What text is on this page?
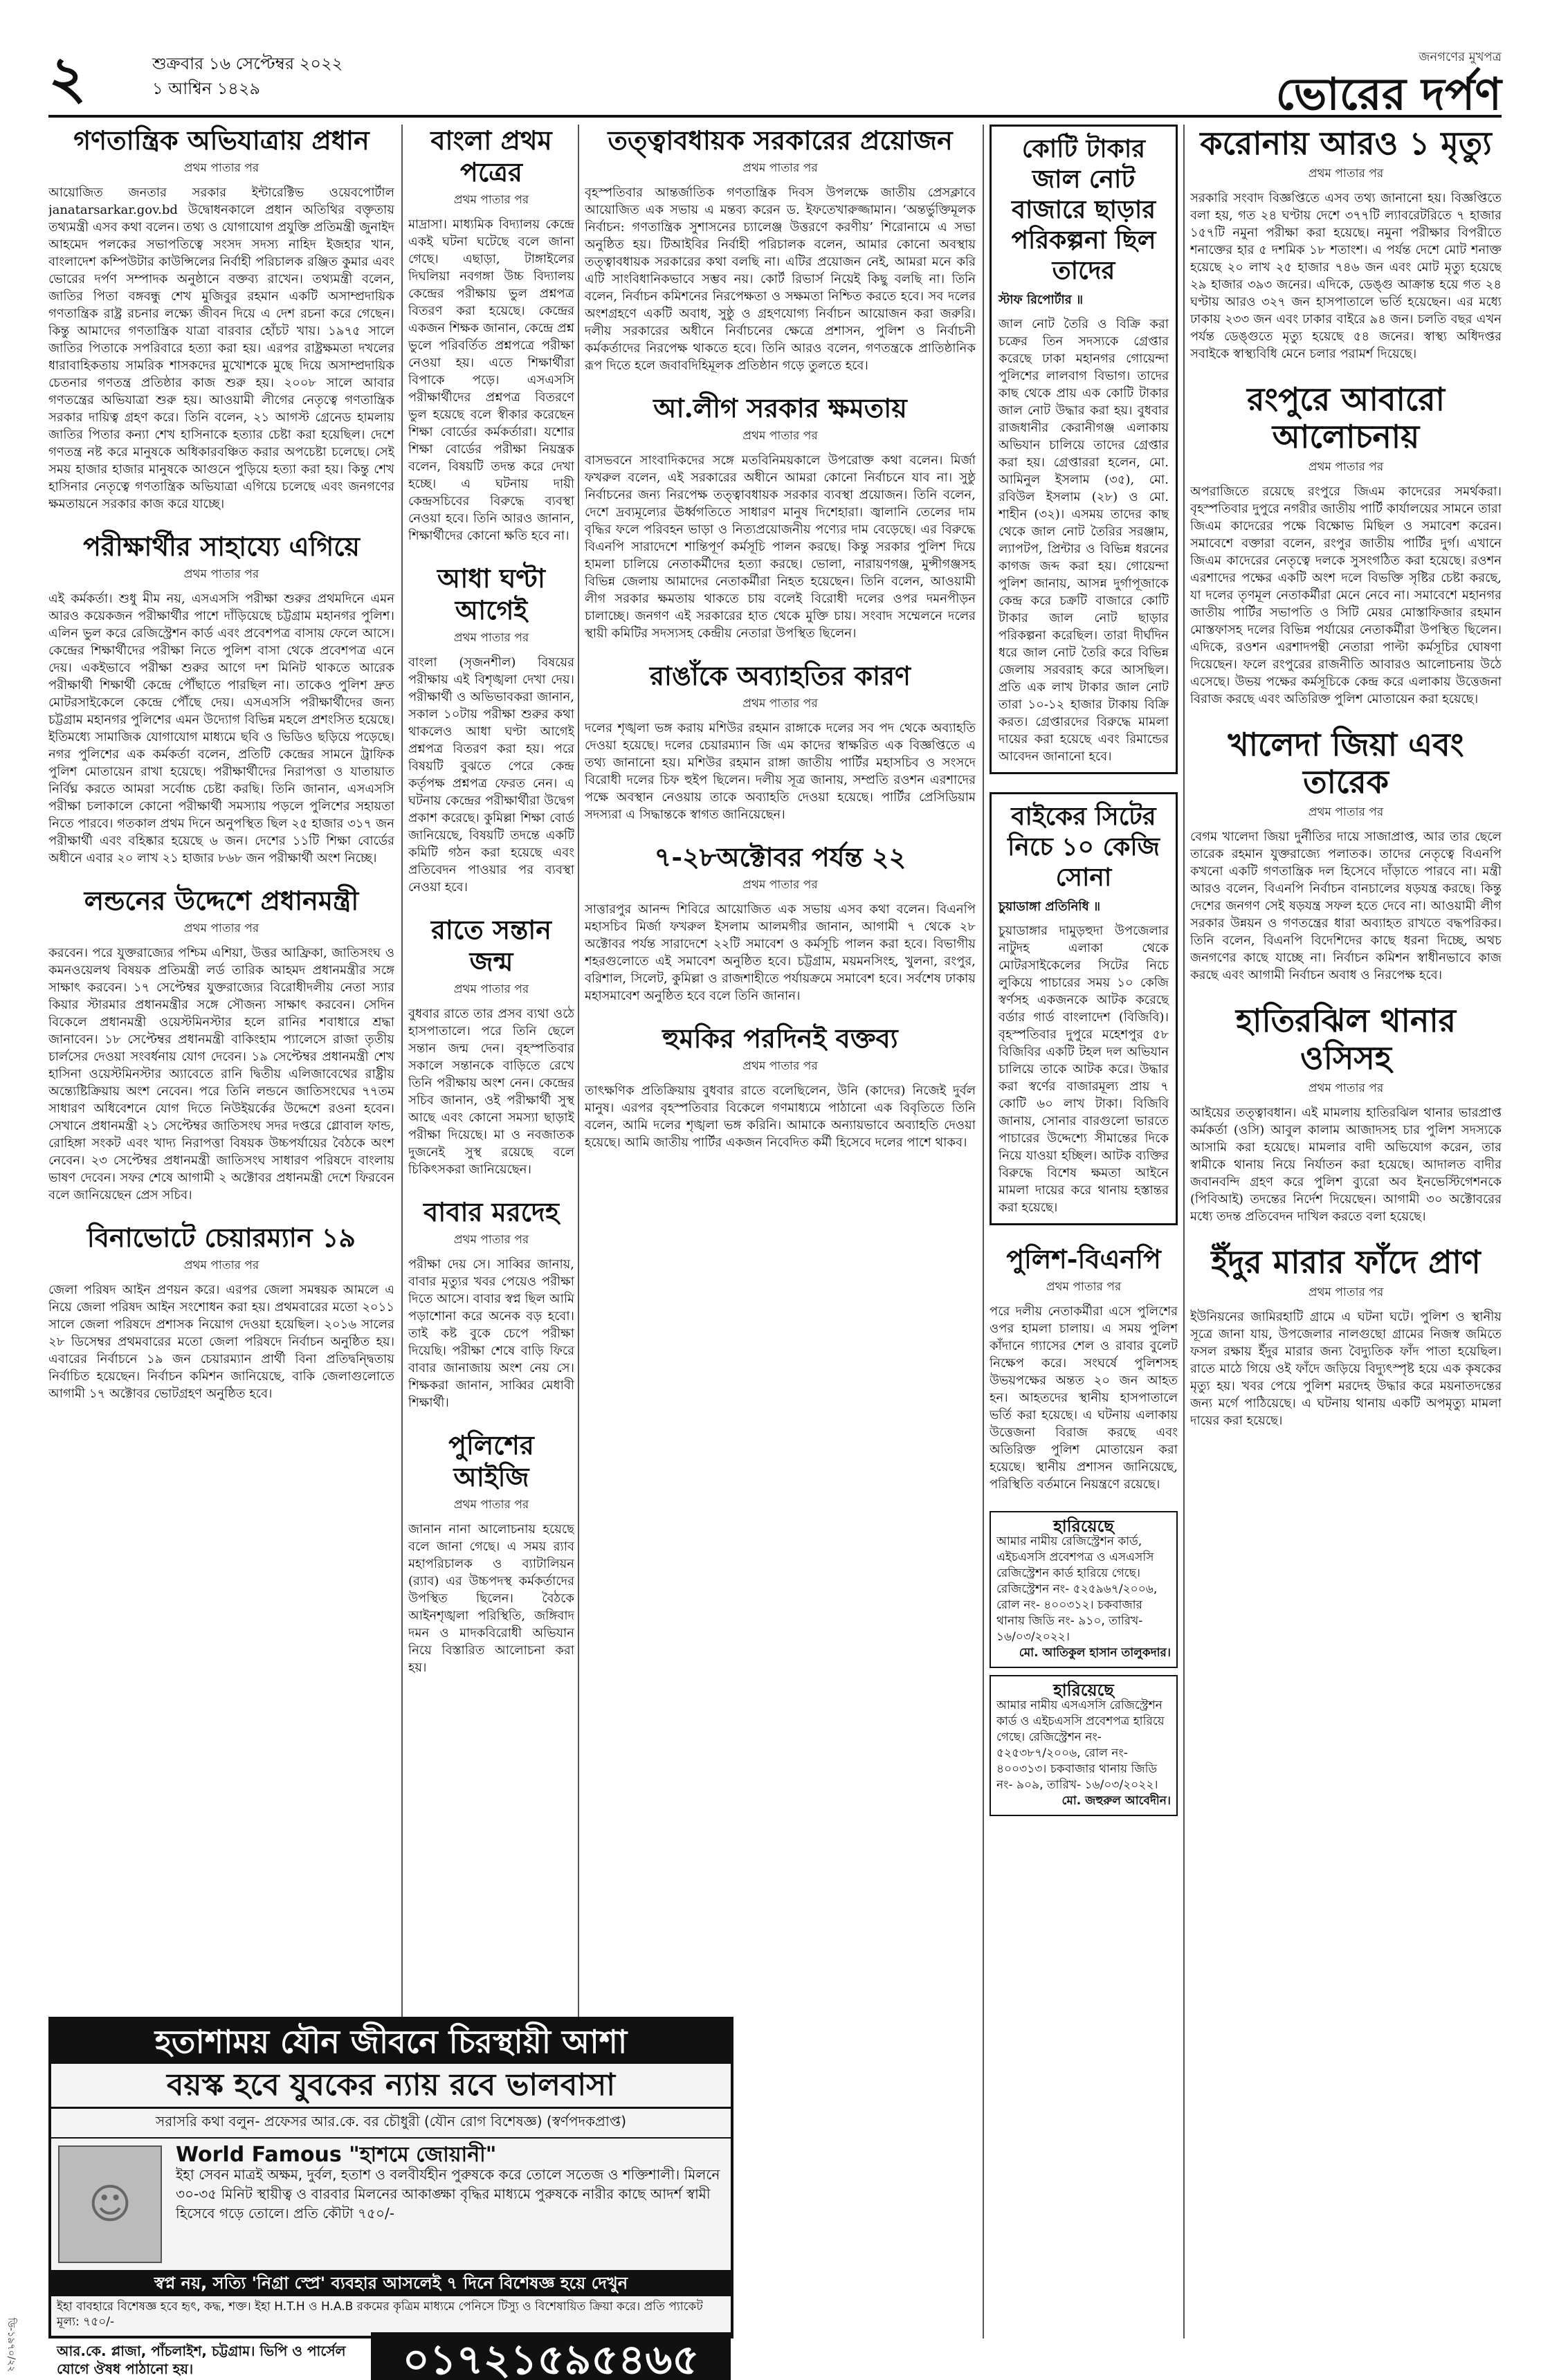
২	শুক্রবার ১৬ সেপ্টেম্বর ২০২২
১ আশ্বিন ১৪২৯
জনগণের মুখপত্র
ভোরের দর্পণ
গণতান্ত্রিক অভিযাত্রায় প্রধান
প্রথম পাতার পর
আয়োজিত জনতার সরকার ইন্টারেক্টিভ ওয়েবপোর্টাল janatarsarkar.gov.bd উদ্বোধনকালে প্রধান অতিথির বক্তৃতায় তথ্যমন্ত্রী এসব কথা বলেন। তথ্য ও যোগাযোগ প্রযুক্তি প্রতিমন্ত্রী জুনাইদ আহমেদ পলকের সভাপতিত্বে সংসদ সদস্য নাহিদ ইজহার খান, বাংলাদেশ কম্পিউটার কাউন্সিলের নির্বাহী পরিচালক রঞ্জিত কুমার এবং ভোরের দর্পণ সম্পাদক অনুষ্ঠানে বক্তব্য রাখেন। তথ্যমন্ত্রী বলেন, জাতির পিতা বঙ্গবন্ধু শেখ মুজিবুর রহমান একটি অসাম্প্রদায়িক গণতান্ত্রিক রাষ্ট্র রচনার লক্ষ্যে জীবন দিয়ে এ দেশ রচনা করে গেছেন। কিন্তু আমাদের গণতান্ত্রিক যাত্রা বারবার হোঁচট খায়। ১৯৭৫ সালে জাতির পিতাকে সপরিবারে হত্যা করা হয়। এরপর রাষ্ট্রক্ষমতা দখলের ধারাবাহিকতায় সামরিক শাসকদের মুখোশকে মুছে দিয়ে অসাম্প্রদায়িক চেতনার গণতন্ত্র প্রতিষ্ঠার কাজ শুরু হয়। ২০০৮ সালে আবার গণতন্ত্রের অভিযাত্রা শুরু হয়। আওয়ামী লীগের নেতৃত্বে গণতান্ত্রিক সরকার দায়িত্ব গ্রহণ করে। তিনি বলেন, ২১ আগস্ট গ্রেনেড হামলায় জাতির পিতার কন্যা শেখ হাসিনাকে হত্যার চেষ্টা করা হয়েছিল। দেশে গণতন্ত্র নষ্ট করে মানুষকে অধিকারবঞ্চিত করার অপচেষ্টা চলেছে। সেই সময় হাজার হাজার মানুষকে আগুনে পুড়িয়ে হত্যা করা হয়। কিন্তু শেখ হাসিনার নেতৃত্বে গণতান্ত্রিক অভিযাত্রা এগিয়ে চলেছে এবং জনগণের ক্ষমতায়নে সরকার কাজ করে যাচ্ছে।
পরীক্ষার্থীর সাহায্যে এগিয়ে
প্রথম পাতার পর
এই কর্মকর্তা। শুধু মীম নয়, এসএসসি পরীক্ষা শুরুর প্রথমদিনে এমন আরও কয়েকজন পরীক্ষার্থীর পাশে দাঁড়িয়েছে চট্টগ্রাম মহানগর পুলিশ। এলিন ভুল করে রেজিস্ট্রেশন কার্ড এবং প্রবেশপত্র বাসায় ফেলে আসে। কেন্দ্রের শিক্ষার্থীদের পরীক্ষা নিতে পুলিশ বাসা থেকে প্রবেশপত্র এনে দেয়। একইভাবে পরীক্ষা শুরুর আগে দশ মিনিট থাকতে আরেক পরীক্ষার্থী শিক্ষার্থী কেন্দ্রে পৌঁছাতে পারছিল না। তাকেও পুলিশ দ্রুত মোটরসাইকেলে কেন্দ্রে পৌঁছে দেয়। এসএসসি পরীক্ষার্থীদের জন্য চট্টগ্রাম মহানগর পুলিশের এমন উদ্যোগ বিভিন্ন মহলে প্রশংসিত হয়েছে। ইতিমধ্যে সামাজিক যোগাযোগ মাধ্যমে ছবি ও ভিডিও ছড়িয়ে পড়েছে। নগর পুলিশের এক কর্মকর্তা বলেন, প্রতিটি কেন্দ্রের সামনে ট্রাফিক পুলিশ মোতায়েন রাখা হয়েছে। পরীক্ষার্থীদের নিরাপত্তা ও যাতায়াত নির্বিঘ্ন করতে আমরা সর্বোচ্চ চেষ্টা করছি। তিনি জানান, এসএসসি পরীক্ষা চলাকালে কোনো পরীক্ষার্থী সমস্যায় পড়লে পুলিশের সহায়তা নিতে পারবে। গতকাল প্রথম দিনে অনুপস্থিত ছিল ২৫ হাজার ৩১৭ জন পরীক্ষার্থী এবং বহিষ্কার হয়েছে ৬ জন। দেশের ১১টি শিক্ষা বোর্ডের অধীনে এবার ২০ লাখ ২১ হাজার ৮৬৮ জন পরীক্ষার্থী অংশ নিচ্ছে।
লন্ডনের উদ্দেশে প্রধানমন্ত্রী
প্রথম পাতার পর
করবেন। পরে যুক্তরাজ্যের পশ্চিম এশিয়া, উত্তর আফ্রিকা, জাতিসংঘ ও কমনওয়েলথ বিষয়ক প্রতিমন্ত্রী লর্ড তারিক আহমদ প্রধানমন্ত্রীর সঙ্গে সাক্ষাৎ করবেন। ১৭ সেপ্টেম্বর যুক্তরাজ্যের বিরোধীদলীয় নেতা স্যার কিয়ার স্টারমার প্রধানমন্ত্রীর সঙ্গে সৌজন্য সাক্ষাৎ করবেন। সেদিন বিকেলে প্রধানমন্ত্রী ওয়েস্টমিনস্টার হলে রানির শবাধারে শ্রদ্ধা জানাবেন। ১৮ সেপ্টেম্বর প্রধানমন্ত্রী বাকিংহাম প্যালেসে রাজা তৃতীয় চার্লসের দেওয়া সংবর্ধনায় যোগ দেবেন। ১৯ সেপ্টেম্বর প্রধানমন্ত্রী শেখ হাসিনা ওয়েস্টমিনস্টার অ্যাবেতে রানি দ্বিতীয় এলিজাবেথের রাষ্ট্রীয় অন্ত্যেষ্টিক্রিয়ায় অংশ নেবেন। পরে তিনি লন্ডনে জাতিসংঘের ৭৭তম সাধারণ অধিবেশনে যোগ দিতে নিউইয়র্কের উদ্দেশে রওনা হবেন। সেখানে প্রধানমন্ত্রী ২১ সেপ্টেম্বর জাতিসংঘ সদর দপ্তরে গ্লোবাল ফান্ড, রোহিঙ্গা সংকট এবং খাদ্য নিরাপত্তা বিষয়ক উচ্চপর্যায়ের বৈঠকে অংশ নেবেন। ২৩ সেপ্টেম্বর প্রধানমন্ত্রী জাতিসংঘ সাধারণ পরিষদে বাংলায় ভাষণ দেবেন। সফর শেষে আগামী ২ অক্টোবর প্রধানমন্ত্রী দেশে ফিরবেন বলে জানিয়েছেন প্রেস সচিব।
বিনাভোটে চেয়ারম্যান ১৯
প্রথম পাতার পর
জেলা পরিষদ আইন প্রণয়ন করে। এরপর জেলা সমন্বয়ক আমলে এ নিয়ে জেলা পরিষদ আইন সংশোধন করা হয়। প্রথমবারের মতো ২০১১ সালে জেলা পরিষদে প্রশাসক নিয়োগ দেওয়া হয়েছিল। ২০১৬ সালের ২৮ ডিসেম্বর প্রথমবারের মতো জেলা পরিষদে নির্বাচন অনুষ্ঠিত হয়। এবারের নির্বাচনে ১৯ জন চেয়ারম্যান প্রার্থী বিনা প্রতিদ্বন্দ্বিতায় নির্বাচিত হয়েছেন। নির্বাচন কমিশন জানিয়েছে, বাকি জেলাগুলোতে আগামী ১৭ অক্টোবর ভোটগ্রহণ অনুষ্ঠিত হবে।
বাংলা প্রথম পত্রের
প্রথম পাতার পর
মাদ্রাসা। মাধ্যমিক বিদ্যালয় কেন্দ্রে একই ঘটনা ঘটেছে বলে জানা গেছে। এছাড়া, টাঙ্গাইলের দিঘলিয়া নবগঙ্গা উচ্চ বিদ্যালয় কেন্দ্রের পরীক্ষায় ভুল প্রশ্নপত্র বিতরণ করা হয়েছে। কেন্দ্রের একজন শিক্ষক জানান, কেন্দ্রে প্রশ্ন ভুলে পরিবর্তিত প্রশ্নপত্রে পরীক্ষা নেওয়া হয়। এতে শিক্ষার্থীরা বিপাকে পড়ে। এসএসসি পরীক্ষার্থীদের প্রশ্নপত্র বিতরণে ভুল হয়েছে বলে স্বীকার করেছেন শিক্ষা বোর্ডের কর্মকর্তারা। যশোর শিক্ষা বোর্ডের পরীক্ষা নিয়ন্ত্রক বলেন, বিষয়টি তদন্ত করে দেখা হচ্ছে। এ ঘটনায় দায়ী কেন্দ্রসচিবের বিরুদ্ধে ব্যবস্থা নেওয়া হবে। তিনি আরও জানান, শিক্ষার্থীদের কোনো ক্ষতি হবে না।
আধা ঘণ্টা আগেই
প্রথম পাতার পর
বাংলা (সৃজনশীল) বিষয়ের পরীক্ষায় এই বিশৃঙ্খলা দেখা দেয়। পরীক্ষার্থী ও অভিভাবকরা জানান, সকাল ১০টায় পরীক্ষা শুরুর কথা থাকলেও আধা ঘণ্টা আগেই প্রশ্নপত্র বিতরণ করা হয়। পরে বিষয়টি বুঝতে পেরে কেন্দ্র কর্তৃপক্ষ প্রশ্নপত্র ফেরত নেন। এ ঘটনায় কেন্দ্রের পরীক্ষার্থীরা উদ্বেগ প্রকাশ করেছে। কুমিল্লা শিক্ষা বোর্ড জানিয়েছে, বিষয়টি তদন্তে একটি কমিটি গঠন করা হয়েছে এবং প্রতিবেদন পাওয়ার পর ব্যবস্থা নেওয়া হবে।
রাতে সন্তান জন্ম
প্রথম পাতার পর
বুধবার রাতে তার প্রসব ব্যথা ওঠে হাসপাতালে। পরে তিনি ছেলে সন্তান জন্ম দেন। বৃহস্পতিবার সকালে সন্তানকে বাড়িতে রেখে তিনি পরীক্ষায় অংশ নেন। কেন্দ্রের সচিব জানান, ওই পরীক্ষার্থী সুস্থ আছে এবং কোনো সমস্যা ছাড়াই পরীক্ষা দিয়েছে। মা ও নবজাতক দুজনেই সুস্থ রয়েছে বলে চিকিৎসকরা জানিয়েছেন।
বাবার মরদেহ
প্রথম পাতার পর
পরীক্ষা দেয় সে। সাব্বির জানায়, বাবার মৃত্যুর খবর পেয়েও পরীক্ষা দিতে আসে। বাবার স্বপ্ন ছিল আমি পড়াশোনা করে অনেক বড় হবো। তাই কষ্ট বুকে চেপে পরীক্ষা দিয়েছি। পরীক্ষা শেষে বাড়ি ফিরে বাবার জানাজায় অংশ নেয় সে। শিক্ষকরা জানান, সাব্বির মেধাবী শিক্ষার্থী।
পুলিশের আইজি
প্রথম পাতার পর
জানান নানা আলোচনায় হয়েছে বলে জানা গেছে। এ সময় র‍্যাব মহাপরিচালক ও ব্যাটালিয়ন (র‍্যাব) এর উচ্চপদস্থ কর্মকর্তাদের উপস্থিত ছিলেন। বৈঠকে আইনশৃঙ্খলা পরিস্থিতি, জঙ্গিবাদ দমন ও মাদকবিরোধী অভিযান নিয়ে বিস্তারিত আলোচনা করা হয়।
তত্ত্বাবধায়ক সরকারের প্রয়োজন
প্রথম পাতার পর
বৃহস্পতিবার আন্তর্জাতিক গণতান্ত্রিক দিবস উপলক্ষে জাতীয় প্রেসক্লাবে আয়োজিত এক সভায় এ মন্তব্য করেন ড. ইফতেখারুজ্জামান। ‘অন্তর্ভুক্তিমূলক নির্বাচন: গণতান্ত্রিক সুশাসনের চ্যালেঞ্জ উত্তরণে করণীয়’ শিরোনামে এ সভা অনুষ্ঠিত হয়। টিআইবির নির্বাহী পরিচালক বলেন, আমার কোনো অবস্থায় তত্ত্বাবধায়ক সরকারের কথা বলছি না। এটির প্রয়োজন নেই, আমরা মনে করি এটি সাংবিধানিকভাবে সম্ভব নয়। কোর্ট রিভার্স নিয়েই কিছু বলছি না। তিনি বলেন, নির্বাচন কমিশনের নিরপেক্ষতা ও সক্ষমতা নিশ্চিত করতে হবে। সব দলের অংশগ্রহণে একটি অবাধ, সুষ্ঠু ও গ্রহণযোগ্য নির্বাচন আয়োজন করা জরুরি। দলীয় সরকারের অধীনে নির্বাচনের ক্ষেত্রে প্রশাসন, পুলিশ ও নির্বাচনী কর্মকর্তাদের নিরপেক্ষ থাকতে হবে। তিনি আরও বলেন, গণতন্ত্রকে প্রাতিষ্ঠানিক রূপ দিতে হলে জবাবদিহিমূলক প্রতিষ্ঠান গড়ে তুলতে হবে।
আ.লীগ সরকার ক্ষমতায়
প্রথম পাতার পর
বাসভবনে সাংবাদিকদের সঙ্গে মতবিনিময়কালে উপরোক্ত কথা বলেন। মির্জা ফখরুল বলেন, এই সরকারের অধীনে আমরা কোনো নির্বাচনে যাব না। সুষ্ঠু নির্বাচনের জন্য নিরপেক্ষ তত্ত্বাবধায়ক সরকার ব্যবস্থা প্রয়োজন। তিনি বলেন, দেশে দ্রব্যমূল্যের ঊর্ধ্বগতিতে সাধারণ মানুষ দিশেহারা। জ্বালানি তেলের দাম বৃদ্ধির ফলে পরিবহন ভাড়া ও নিত্যপ্রয়োজনীয় পণ্যের দাম বেড়েছে। এর বিরুদ্ধে বিএনপি সারাদেশে শান্তিপূর্ণ কর্মসূচি পালন করছে। কিন্তু সরকার পুলিশ দিয়ে হামলা চালিয়ে নেতাকর্মীদের হত্যা করছে। ভোলা, নারায়ণগঞ্জ, মুন্সীগঞ্জসহ বিভিন্ন জেলায় আমাদের নেতাকর্মীরা নিহত হয়েছেন। তিনি বলেন, আওয়ামী লীগ সরকার ক্ষমতায় থাকতে চায় বলেই বিরোধী দলের ওপর দমনপীড়ন চালাচ্ছে। জনগণ এই সরকারের হাত থেকে মুক্তি চায়। সংবাদ সম্মেলনে দলের স্থায়ী কমিটির সদস্যসহ কেন্দ্রীয় নেতারা উপস্থিত ছিলেন।
রাঙাঁকে অব্যাহতির কারণ
প্রথম পাতার পর
দলের শৃঙ্খলা ভঙ্গ করায় মশিউর রহমান রাঙ্গাকে দলের সব পদ থেকে অব্যাহতি দেওয়া হয়েছে। দলের চেয়ারম্যান জি এম কাদের স্বাক্ষরিত এক বিজ্ঞপ্তিতে এ তথ্য জানানো হয়। মশিউর রহমান রাঙ্গা জাতীয় পার্টির মহাসচিব ও সংসদে বিরোধী দলের চিফ হুইপ ছিলেন। দলীয় সূত্র জানায়, সম্প্রতি রওশন এরশাদের পক্ষে অবস্থান নেওয়ায় তাকে অব্যাহতি দেওয়া হয়েছে। পার্টির প্রেসিডিয়াম সদস্যরা এ সিদ্ধান্তকে স্বাগত জানিয়েছেন।
৭-২৮অক্টোবর পর্যন্ত ২২
প্রথম পাতার পর
সাত্তারপুর আনন্দ শিবিরে আয়োজিত এক সভায় এসব কথা বলেন। বিএনপি মহাসচিব মির্জা ফখরুল ইসলাম আলমগীর জানান, আগামী ৭ থেকে ২৮ অক্টোবর পর্যন্ত সারাদেশে ২২টি সমাবেশ ও কর্মসূচি পালন করা হবে। বিভাগীয় শহরগুলোতে এই সমাবেশ অনুষ্ঠিত হবে। চট্টগ্রাম, ময়মনসিংহ, খুলনা, রংপুর, বরিশাল, সিলেট, কুমিল্লা ও রাজশাহীতে পর্যায়ক্রমে সমাবেশ হবে। সর্বশেষ ঢাকায় মহাসমাবেশ অনুষ্ঠিত হবে বলে তিনি জানান।
হুমকির পরদিনই বক্তব্য
প্রথম পাতার পর
তাৎক্ষণিক প্রতিক্রিয়ায় বুধবার রাতে বলেছিলেন, উনি (কাদের) নিজেই দুর্বল মানুষ। এরপর বৃহস্পতিবার বিকেলে গণমাধ্যমে পাঠানো এক বিবৃতিতে তিনি বলেন, আমি দলের শৃঙ্খলা ভঙ্গ করিনি। আমাকে অন্যায়ভাবে অব্যাহতি দেওয়া হয়েছে। আমি জাতীয় পার্টির একজন নিবেদিত কর্মী হিসেবে দলের পাশে থাকব।
কোটি টাকার জাল নোট বাজারে ছাড়ার পরিকল্পনা ছিল তাদের
স্টাফ রিপোর্টার ॥
জাল নোট তৈরি ও বিক্রি করা চক্রের তিন সদস্যকে গ্রেপ্তার করেছে ঢাকা মহানগর গোয়েন্দা পুলিশের লালবাগ বিভাগ। তাদের কাছ থেকে প্রায় এক কোটি টাকার জাল নোট উদ্ধার করা হয়। বুধবার রাজধানীর কেরানীগঞ্জ এলাকায় অভিযান চালিয়ে তাদের গ্রেপ্তার করা হয়। গ্রেপ্তাররা হলেন, মো. আমিনুল ইসলাম (৩৫), মো. রবিউল ইসলাম (২৮) ও মো. শাহীন (৩২)। এসময় তাদের কাছ থেকে জাল নোট তৈরির সরঞ্জাম, ল্যাপটপ, প্রিন্টার ও বিভিন্ন ধরনের কাগজ জব্দ করা হয়। গোয়েন্দা পুলিশ জানায়, আসন্ন দুর্গাপূজাকে কেন্দ্র করে চক্রটি বাজারে কোটি টাকার জাল নোট ছাড়ার পরিকল্পনা করেছিল। তারা দীর্ঘদিন ধরে জাল নোট তৈরি করে বিভিন্ন জেলায় সরবরাহ করে আসছিল। প্রতি এক লাখ টাকার জাল নোট তারা ১০-১২ হাজার টাকায় বিক্রি করত। গ্রেপ্তারদের বিরুদ্ধে মামলা দায়ের করা হয়েছে এবং রিমান্ডের আবেদন জানানো হবে।
বাইকের সিটের নিচে ১০ কেজি সোনা
চুয়াডাঙ্গা প্রতিনিধি ॥
চুয়াডাঙ্গার দামুড়হুদা উপজেলার নাটুদহ এলাকা থেকে মোটরসাইকেলের সিটের নিচে লুকিয়ে পাচারের সময় ১০ কেজি স্বর্ণসহ একজনকে আটক করেছে বর্ডার গার্ড বাংলাদেশ (বিজিবি)। বৃহস্পতিবার দুপুরে মহেশপুর ৫৮ বিজিবির একটি টহল দল অভিযান চালিয়ে তাকে আটক করে। উদ্ধার করা স্বর্ণের বাজারমূল্য প্রায় ৭ কোটি ৬০ লাখ টাকা। বিজিবি জানায়, সোনার বারগুলো ভারতে পাচারের উদ্দেশ্যে সীমান্তের দিকে নিয়ে যাওয়া হচ্ছিল। আটক ব্যক্তির বিরুদ্ধে বিশেষ ক্ষমতা আইনে মামলা দায়ের করে থানায় হস্তান্তর করা হয়েছে।
পুলিশ-বিএনপি
প্রথম পাতার পর
পরে দলীয় নেতাকর্মীরা এসে পুলিশের ওপর হামলা চালায়। এ সময় পুলিশ কাঁদানে গ্যাসের শেল ও রাবার বুলেট নিক্ষেপ করে। সংঘর্ষে পুলিশসহ উভয়পক্ষের অন্তত ২০ জন আহত হন। আহতদের স্থানীয় হাসপাতালে ভর্তি করা হয়েছে। এ ঘটনায় এলাকায় উত্তেজনা বিরাজ করছে এবং অতিরিক্ত পুলিশ মোতায়েন করা হয়েছে। স্থানীয় প্রশাসন জানিয়েছে, পরিস্থিতি বর্তমানে নিয়ন্ত্রণে রয়েছে।
হারিয়েছে
আমার নামীয় রেজিস্ট্রেশন কার্ড, এইচএসসি প্রবেশপত্র ও এসএসসি রেজিস্ট্রেশন কার্ড হারিয়ে গেছে। রেজিস্ট্রেশন নং- ৫২৫৯৬৭/২০০৬, রোল নং- ৪০০৩১২। চকবাজার থানায় জিডি নং- ৯১০, তারিখ- ১৬/০৩/২০২২।
মো. আতিকুল হাসান তালুকদার।
হারিয়েছে
আমার নামীয় এসএসসি রেজিস্ট্রেশন কার্ড ও এইচএসসি প্রবেশপত্র হারিয়ে গেছে। রেজিস্ট্রেশন নং- ৫২৫৩৮৭/২০০৬, রোল নং- ৪০০৩১৩। চকবাজার থানায় জিডি নং- ৯০৯, তারিখ- ১৬/০৩/২০২২।
মো. জহুরুল আবেদীন।
করোনায় আরও ১ মৃত্যু
প্রথম পাতার পর
সরকারি সংবাদ বিজ্ঞপ্তিতে এসব তথ্য জানানো হয়। বিজ্ঞপ্তিতে বলা হয়, গত ২৪ ঘণ্টায় দেশে ৩৭৭টি ল্যাবরেটরিতে ৭ হাজার ১৫৭টি নমুনা পরীক্ষা করা হয়েছে। নমুনা পরীক্ষার বিপরীতে শনাক্তের হার ৫ দশমিক ১৮ শতাংশ। এ পর্যন্ত দেশে মোট শনাক্ত হয়েছে ২০ লাখ ২৫ হাজার ৭৪৬ জন এবং মোট মৃত্যু হয়েছে ২৯ হাজার ৩৯৩ জনের। এদিকে, ডেঙ্গু আক্রান্ত হয়ে গত ২৪ ঘণ্টায় আরও ৩২৭ জন হাসপাতালে ভর্তি হয়েছেন। এর মধ্যে ঢাকায় ২৩৩ জন এবং ঢাকার বাইরে ৯৪ জন। চলতি বছর এখন পর্যন্ত ডেঙ্গুতে মৃত্যু হয়েছে ৫৪ জনের। স্বাস্থ্য অধিদপ্তর সবাইকে স্বাস্থ্যবিধি মেনে চলার পরামর্শ দিয়েছে।
রংপুরে আবারো আলোচনায়
প্রথম পাতার পর
অপরাজিতে রয়েছে রংপুরে জিএম কাদেরের সমর্থকরা। বৃহস্পতিবার দুপুরে নগরীর জাতীয় পার্টি কার্যালয়ের সামনে তারা জিএম কাদেরের পক্ষে বিক্ষোভ মিছিল ও সমাবেশ করেন। সমাবেশে বক্তারা বলেন, রংপুর জাতীয় পার্টির দুর্গ। এখানে জিএম কাদেরের নেতৃত্বে দলকে সুসংগঠিত করা হয়েছে। রওশন এরশাদের পক্ষের একটি অংশ দলে বিভক্তি সৃষ্টির চেষ্টা করছে, যা দলের তৃণমূল নেতাকর্মীরা মেনে নেবে না। সমাবেশে মহানগর জাতীয় পার্টির সভাপতি ও সিটি মেয়র মোস্তাফিজার রহমান মোস্তফাসহ দলের বিভিন্ন পর্যায়ের নেতাকর্মীরা উপস্থিত ছিলেন। এদিকে, রওশন এরশাদপন্থী নেতারা পাল্টা কর্মসূচির ঘোষণা দিয়েছেন। ফলে রংপুরের রাজনীতি আবারও আলোচনায় উঠে এসেছে। উভয় পক্ষের কর্মসূচিকে কেন্দ্র করে এলাকায় উত্তেজনা বিরাজ করছে এবং অতিরিক্ত পুলিশ মোতায়েন করা হয়েছে।
খালেদা জিয়া এবং তারেক
প্রথম পাতার পর
বেগম খালেদা জিয়া দুর্নীতির দায়ে সাজাপ্রাপ্ত, আর তার ছেলে তারেক রহমান যুক্তরাজ্যে পলাতক। তাদের নেতৃত্বে বিএনপি কখনো একটি গণতান্ত্রিক দল হিসেবে দাঁড়াতে পারবে না। মন্ত্রী আরও বলেন, বিএনপি নির্বাচন বানচালের ষড়যন্ত্র করছে। কিন্তু দেশের জনগণ সেই ষড়যন্ত্র সফল হতে দেবে না। আওয়ামী লীগ সরকার উন্নয়ন ও গণতন্ত্রের ধারা অব্যাহত রাখতে বদ্ধপরিকর। তিনি বলেন, বিএনপি বিদেশিদের কাছে ধরনা দিচ্ছে, অথচ জনগণের কাছে যাচ্ছে না। নির্বাচন কমিশন স্বাধীনভাবে কাজ করছে এবং আগামী নির্বাচন অবাধ ও নিরপেক্ষ হবে।
হাতিরঝিল থানার ওসিসহ
প্রথম পাতার পর
আইয়ের তত্ত্বাবধান। এই মামলায় হাতিরঝিল থানার ভারপ্রাপ্ত কর্মকর্তা (ওসি) আবুল কালাম আজাদসহ চার পুলিশ সদস্যকে আসামি করা হয়েছে। মামলার বাদী অভিযোগ করেন, তার স্বামীকে থানায় নিয়ে নির্যাতন করা হয়েছে। আদালত বাদীর জবানবন্দি গ্রহণ করে পুলিশ ব্যুরো অব ইনভেস্টিগেশনকে (পিবিআই) তদন্তের নির্দেশ দিয়েছেন। আগামী ৩০ অক্টোবরের মধ্যে তদন্ত প্রতিবেদন দাখিল করতে বলা হয়েছে।
ইঁদুর মারার ফাঁদে প্রাণ
প্রথম পাতার পর
ইউনিয়নের জামিরহাটি গ্রামে এ ঘটনা ঘটে। পুলিশ ও স্থানীয় সূত্রে জানা যায়, উপজেলার নালগুছো গ্রামের নিজস্ব জমিতে ফসল রক্ষায় ইঁদুর মারার জন্য বৈদ্যুতিক ফাঁদ পাতা হয়েছিল। রাতে মাঠে গিয়ে ওই ফাঁদে জড়িয়ে বিদ্যুৎস্পৃষ্ট হয়ে এক কৃষকের মৃত্যু হয়। খবর পেয়ে পুলিশ মরদেহ উদ্ধার করে ময়নাতদন্তের জন্য মর্গে পাঠিয়েছে। এ ঘটনায় থানায় একটি অপমৃত্যু মামলা দায়ের করা হয়েছে।
হতাশাময় যৌন জীবনে চিরস্থায়ী আশা
বয়স্ক হবে যুবকের ন্যায় রবে ভালবাসা
সরাসরি কথা বলুন- প্রফেসর আর.কে. বর চৌধুরী (যৌন রোগ বিশেষজ্ঞ) (স্বর্ণপদকপ্রাপ্ত)
☺
World Famous "হাশমে জোয়ানী"
ইহা সেবন মাত্রই অক্ষম, দুর্বল, হতাশ ও বলবীর্যহীন পুরুষকে করে তোলে সতেজ ও শক্তিশালী। মিলনে ৩০-৩৫ মিনিট স্থায়ীত্ব ও বারবার মিলনের আকাঙ্ক্ষা বৃদ্ধির মাধ্যমে পুরুষকে নারীর কাছে আদর্শ স্বামী হিসেবে গড়ে তোলে। প্রতি কৌটা ৭৫০/-
স্বপ্ন নয়, সত্যি 'নিগ্রা স্প্রে' ব্যবহার আসলেই ৭ দিনে বিশেষজ্ঞ হয়ে দেখুন
ইহা বাবহারে বিশেষজ্ঞ হবে হৃৎ, কদ্ধ, শক্ত। ইহা H.T.H ও H.A.B রকমের কৃত্রিম মাধ্যমে পেনিসে টিস্যু ও বিশেষায়িত ক্রিয়া করে। প্রতি প্যাকেট মূল্য: ৭৫০/-
আর.কে. প্লাজা, পাঁচলাইশ, চট্টগ্রাম। ভিপি ও পার্সেল যোগে ঔষধ পাঠানো হয়।	০১৭২১৫৯৫৪৬৫
ডি-১৯৭০/২২
